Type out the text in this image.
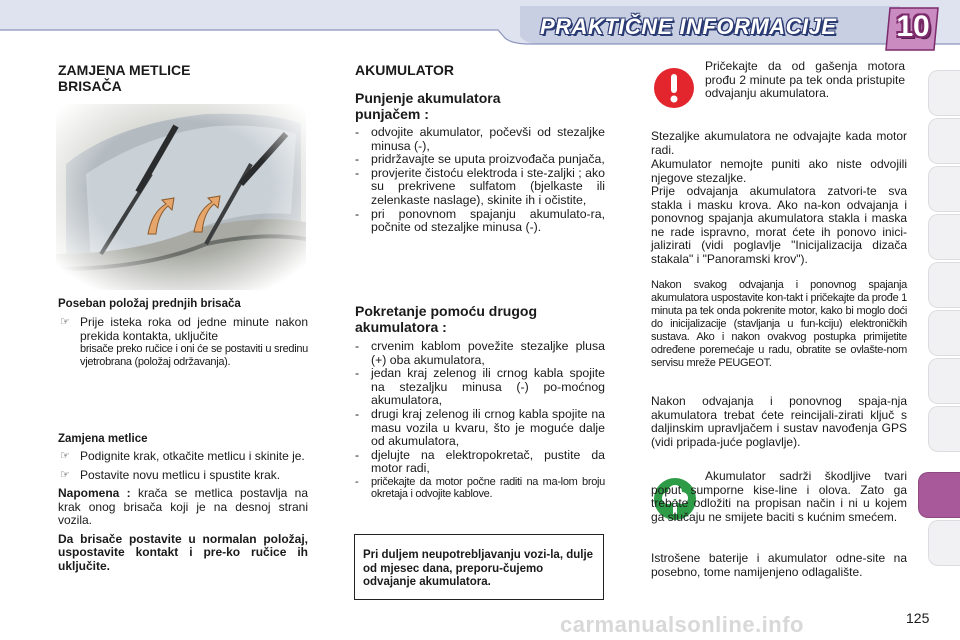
PRAKTIČNE INFORMACIJE 10
ZAMJENA METLICE BRISAČA
Poseban položaj prednjih brisača
☞ Prije isteka roka od jedne minute nakon prekida kontakta, uključite
brisače preko ručice i oni će se postaviti u sredinu vjetrobrana (položaj održavanja).
Zamjena metlice
☞ Podignite krak, otkačite metlicu i skinite je.
☞ Postavite novu metlicu i spustite krak.
Napomena : krača se metlica postavlja na krak onog brisača koji je na desnoj strani vozila.
Da brisače postavite u normalan položaj, uspostavite kontakt i pre-ko ručice ih uključite.
AKUMULATOR
Punjenje akumulatora punjačem :
- odvojite akumulator, počevši od stezaljke minusa (-),
- pridržavajte se uputa proizvođača punjača,
- provjerite čistoću elektroda i ste-zaljki ; ako su prekrivene sulfatom (bjelkaste ili zelenkaste naslage), skinite ih i očistite,
- pri ponovnom spajanju akumulato-ra, počnite od stezaljke minusa (-).
Pokretanje pomoću drugog akumulatora :
- crvenim kablom povežite stezaljke plusa (+) oba akumulatora,
- jedan kraj zelenog ili crnog kabla spojite na stezaljku minusa (-) po-moćnog akumulatora,
- drugi kraj zelenog ili crnog kabla spojite na masu vozila u kvaru, što je moguće dalje od akumulatora,
- djelujte na elektropokretač, pustite da motor radi,
- pričekajte da motor počne raditi na ma-lom broju okretaja i odvojite kablove.
Pri duljem neupotrebljavanju vozi-la, dulje od mjesec dana, preporu-čujemo odvajanje akumulatora.
Pričekajte da od gašenja motora prođu 2 minute pa tek onda pristupite odvajanju akumulatora.
Stezaljke akumulatora ne odvajajte kada motor radi.
Akumulator nemojte puniti ako niste odvojili njegove stezaljke.
Prije odvajanja akumulatora zatvori-te sva stakla i masku krova. Ako na-kon odvajanja i ponovnog spajanja akumulatora stakla i maska ne rade ispravno, morat ćete ih ponovo inici-jalizirati (vidi poglavlje "Inicijalizacija dizača stakala" i "Panoramski krov").
Nakon svakog odvajanja i ponovnog spajanja akumulatora uspostavite kon-takt i pričekajte da prođe 1 minuta pa tek onda pokrenite motor, kako bi moglo doći do inicijalizacije (stavljanja u fun-kciju) elektroničkih sustava. Ako i nakon ovakvog postupka primijetite određene poremećaje u radu, obratite se ovlašte-nom servisu mreže PEUGEOT.
Nakon odvajanja i ponovnog spaja-nja akumulatora trebat ćete reincijali-zirati ključ s daljinskim upravljačem i sustav navođenja GPS (vidi pripada-juće poglavlje).
Akumulator sadrži škodljive tvari poput sumporne kise-line i olova. Zato ga trebate odložiti na propisan način i ni u kojem ga slučaju ne smijete baciti s kućnim smećem.
Istrošene baterije i akumulator odne-site na posebno, tome namijenjeno odlagalište.
carmanualsonline.info	125
